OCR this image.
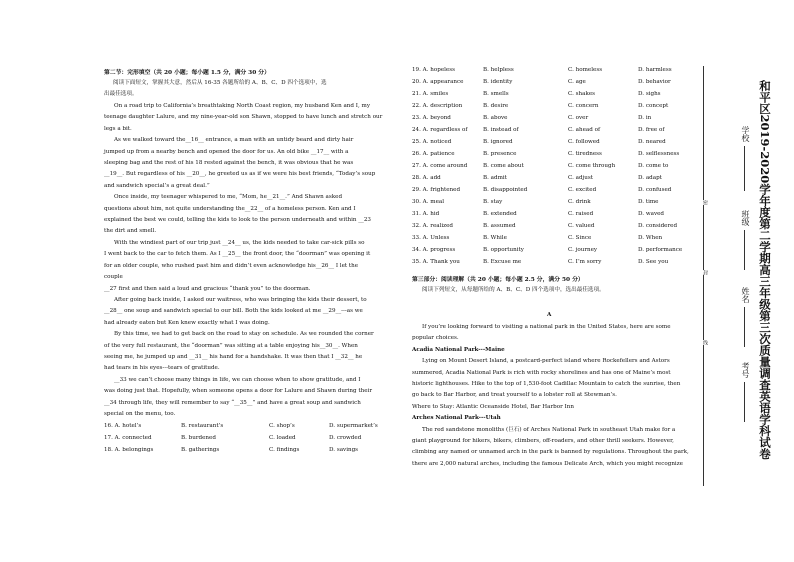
第二节：完形填空（共 20 小题；每小题 1.5 分，满分 30 分）
阅读下面短文，掌握其大意，然后从 16-35 各题所给的 A、B、C、D 四个选项中，选
出最佳选项。
On a road trip to California’s breathtaking North Coast region, my husband Ken and I, my
teenage daughter Lalure, and my nine-year-old son Shawn, stopped to have lunch and stretch our
legs a bit.
As we walked toward the__16__ entrance, a man with an untidy beard and dirty hair
jumped up from a nearby bench and opened the door for us. An old bike __17__ with a
sleeping bag and the rest of his 18 rested against the bench, it was obvious that he was
__19__. But regardless of his __20__, he greeted us as if we were his best friends, “Today’s soup
and sandwich special’s a great deal.”
Once inside, my teenager whispered to me, “Mom, he__21__.” And Shawn asked
questions about him, not quite understanding the__22__ of a homeless person. Ken and I
explained the best we could, telling the kids to look to the person underneath and within __23
the dirt and smell.
With the windiest part of our trip just __24__ us, the kids needed to take car-sick pills so
I went back to the car to fetch them. As I __25__ the front door, the “doorman” was opening it
for an older couple, who rushed past him and didn’t even acknowledge his__26__ I let the
couple
__27 first and then said a loud and gracious “thank you” to the doorman.
After going back inside, I asked our waitress, who was bringing the kids their dessert, to
__28__ one soup and sandwich special to our bill. Both the kids looked at me __29__---as we
had already eaten but Ken knew exactly what I was doing.
By this time, we had to get back on the road to stay on schedule. As we rounded the corner
of the very full restaurant, the “doorman” was sitting at a table enjoying his__30__. When
seeing me, he jumped up and __31__ his hand for a handshake. It was then that I __32__ he
had tears in his eyes---tears of gratitude.
__33 we can’t choose many things in life, we can choose when to show gratitude, and I
was doing just that. Hopefully, when someone opens a door for Lalure and Shawn during their
__34 through life, they will remember to say “__35__” and have a great soup and sandwich
special on the menu, too.
16. A. hotel’s	B. restaurant’s	C. shop’s	D. supermarket’s
17. A. connected	B. burdened	C. loaded	D. crowded
18. A. belongings	B. gatherings	C. findings	D. savings
19. A. hopeless	B. helpless	C. homeless	D. harmless
20. A. appearance	B. identity	C. age	D. behavior
21. A. smiles	B. smells	C. shakes	D. sighs
22. A. description	B. desire	C. concern	D. concept
23. A. beyond	B. above	C. over	D. in
24. A. regardless of	B. instead of	C. ahead of	D. free of
25. A. noticed	B. ignored	C. followed	D. neared
26. A. patience	B. presence	C. tiredness	D. selflessness
27. A. come around	B. come about	C. come through	D. come to
28. A. add	B. admit	C. adjust	D. adapt
29. A. frightened	B. disappointed	C. excited	D. confused
30. A. meal	B. stay	C. drink	D. time
31. A. hid	B. extended	C. raised	D. waved
32. A. realized	B. assumed	C. valued	D. considered
33. A. Unless	B. While	C. Since	D. When
34. A. progress	B. opportunity	C. journey	D. performance
35. A. Thank you	B. Excuse me	C. I’m sorry	D. See you
第三部分：阅读理解（共 20 小题；每小题 2.5 分，满分 50 分）
阅读下列短文，从每题所给的 A、B、C、D 四个选项中，选出最佳选项。
A
If you’re looking forward to visiting a national park in the United States, here are some
popular choices.
Acadia National Park---Maine
Lying on Mount Desert Island, a postcard-perfect island where Rockefellers and Astors
summered, Acadia National Park is rich with rocky shorelines and has one of Maine’s most
historic lighthouses. Hike to the top of 1,530-foot Cadillac Mountain to catch the sunrise, then
go back to Bar Harbor, and treat yourself to a lobster roll at Stewman’s.
Where to Stay: Atlantic Oceanside Hotel, Bar Harbor Inn
Arches National Park---Utah
The red sandstone monoliths (巨石) of Arches National Park in southeast Utah make for a
giant playground for hikers, bikers, climbers, off-roaders, and other thrill seekers. However,
climbing any named or unnamed arch in the park is banned by regulations. Throughout the park,
there are 2,000 natural arches, including the famous Delicate Arch, which you might recognize
密
封
线
学校
班级
姓名
考号 和平区2019-2020学年度第二学期高三年级第三次质量调查英语学科试卷
